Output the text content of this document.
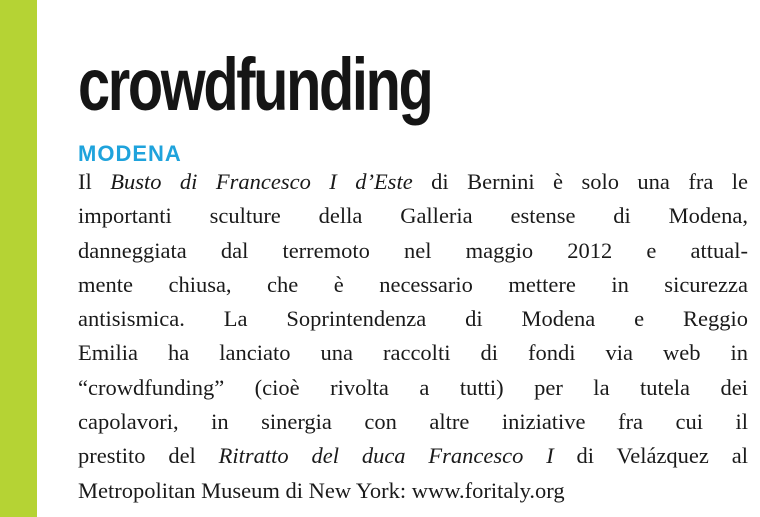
crowdfunding
MODENA
Il Busto di Francesco I d’Este di Bernini è solo una fra le
importanti sculture della Galleria estense di Modena,
danneggiata dal terremoto nel maggio 2012 e attual-
mente chiusa, che è necessario mettere in sicurezza
antisismica. La Soprintendenza di Modena e Reggio
Emilia ha lanciato una raccolti di fondi via web in
“crowdfunding” (cioè rivolta a tutti) per la tutela dei
capolavori, in sinergia con altre iniziative fra cui il
prestito del Ritratto del duca Francesco I di Velázquez al
Metropolitan Museum di New York: www.foritaly.org
